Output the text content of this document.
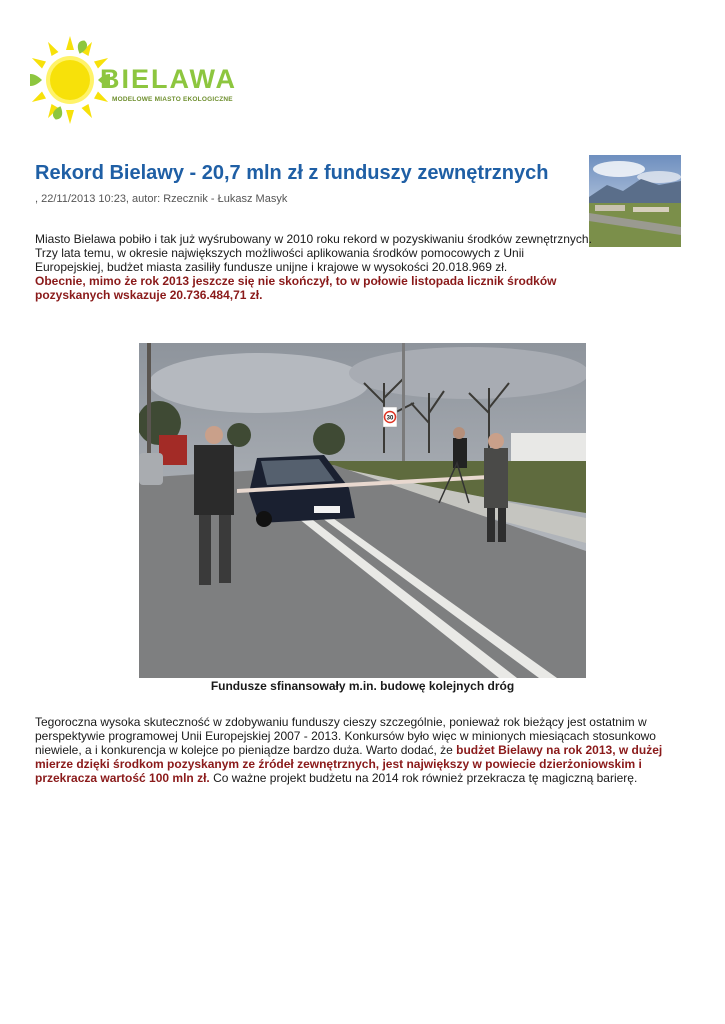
BIELAWA
MODELOWE MIASTO EKOLOGICZNE
Rekord Bielawy - 20,7 mln zł z funduszy zewnętrznych
, 22/11/2013 10:23, autor: Rzecznik - Łukasz Masyk

Miasto Bielawa pobiło i tak już wyśrubowany w 2010 roku rekord w pozyskiwaniu środków zewnętrznych. Trzy lata temu, w okresie największych możliwości aplikowania środków pomocowych z Unii Europejskiej, budżet miasta zasiliły fundusze unijne i krajowe w wysokości 20.018.969 zł.
Obecnie, mimo że rok 2013 jeszcze się nie skończył, to w połowie listopada licznik środków pozyskanych wskazuje 20.736.484,71 zł.

30
Fundusze sfinansowały m.in. budowę kolejnych dróg

Tegoroczna wysoka skuteczność w zdobywaniu funduszy cieszy szczególnie, ponieważ rok bieżący jest ostatnim w perspektywie programowej Unii Europejskiej 2007 - 2013. Konkursów było więc w minionych miesiącach stosunkowo niewiele, a i konkurencja w kolejce po pieniądze bardzo duża. Warto dodać, że budżet Bielawy na rok 2013, w dużej mierze dzięki środkom pozyskanym ze źródeł zewnętrznych, jest największy w powiecie dzierżoniowskim i przekracza wartość 100 mln zł. Co ważne projekt budżetu na 2014 rok również przekracza tę magiczną barierę.
